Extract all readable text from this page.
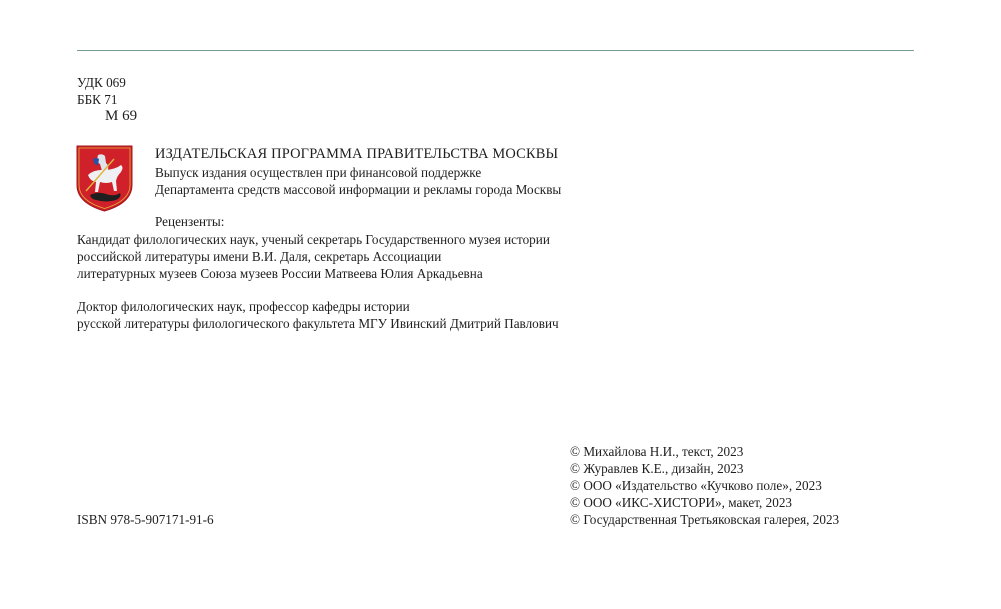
УДК 069
ББК 71
М 69
ИЗДАТЕЛЬСКАЯ ПРОГРАММА ПРАВИТЕЛЬСТВА МОСКВЫ
Выпуск издания осуществлен при финансовой поддержке
Департамента средств массовой информации и рекламы города Москвы
Рецензенты:
Кандидат филологических наук, ученый секретарь Государственного музея истории
российской литературы имени В.И. Даля, секретарь Ассоциации
литературных музеев Союза музеев России Матвеева Юлия Аркадьевна
Доктор филологических наук, профессор кафедры истории
русской литературы филологического факультета МГУ Ивинский Дмитрий Павлович
ISBN 978-5-907171-91-6
© Михайлова Н.И., текст, 2023
© Журавлев К.Е., дизайн, 2023
© ООО «Издательство «Кучково поле», 2023
© ООО «ИКС-ХИСТОРИ», макет, 2023
© Государственная Третьяковская галерея, 2023
